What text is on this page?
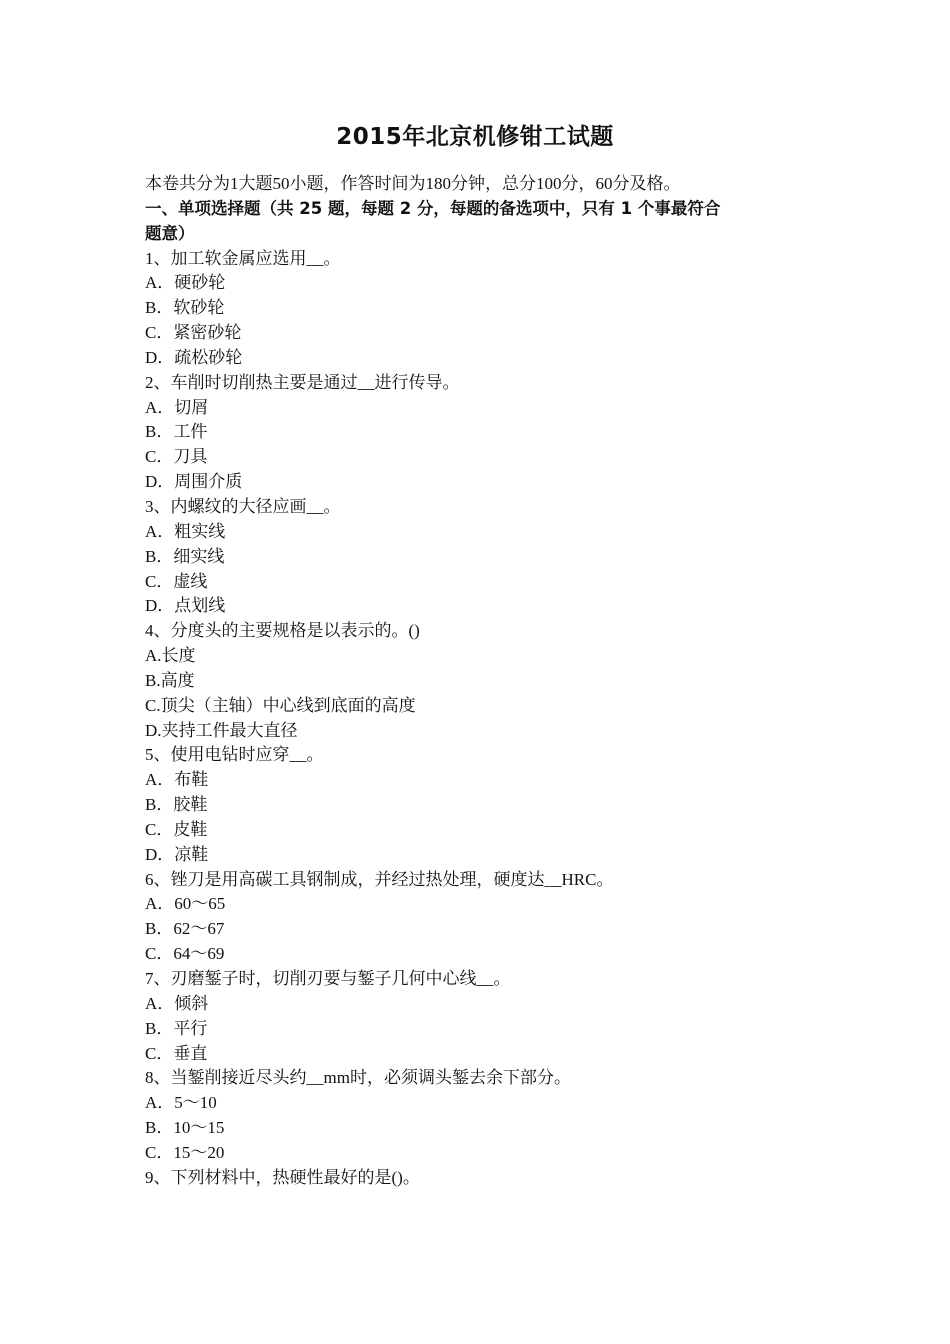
2015年北京机修钳工试题
本卷共分为1大题50小题，作答时间为180分钟，总分100分，60分及格。
一、单项选择题（共 25 题，每题 2 分，每题的备选项中，只有 1 个事最符合
题意）
1、加工软金属应选用__。
A．硬砂轮
B．软砂轮
C．紧密砂轮
D．疏松砂轮
2、车削时切削热主要是通过__进行传导。
A．切屑
B．工件
C．刀具
D．周围介质
3、内螺纹的大径应画__。
A．粗实线
B．细实线
C．虚线
D．点划线
4、分度头的主要规格是以表示的。()
A.长度
B.高度
C.顶尖（主轴）中心线到底面的高度
D.夹持工件最大直径
5、使用电钻时应穿__。
A．布鞋
B．胶鞋
C．皮鞋
D．凉鞋
6、锉刀是用高碳工具钢制成，并经过热处理，硬度达__HRC。
A．60～65
B．62～67
C．64～69
7、刃磨錾子时，切削刃要与錾子几何中心线__。
A．倾斜
B．平行
C．垂直
8、当錾削接近尽头约__mm时，必须调头錾去余下部分。
A．5～10
B．10～15
C．15～20
9、下列材料中，热硬性最好的是()。
